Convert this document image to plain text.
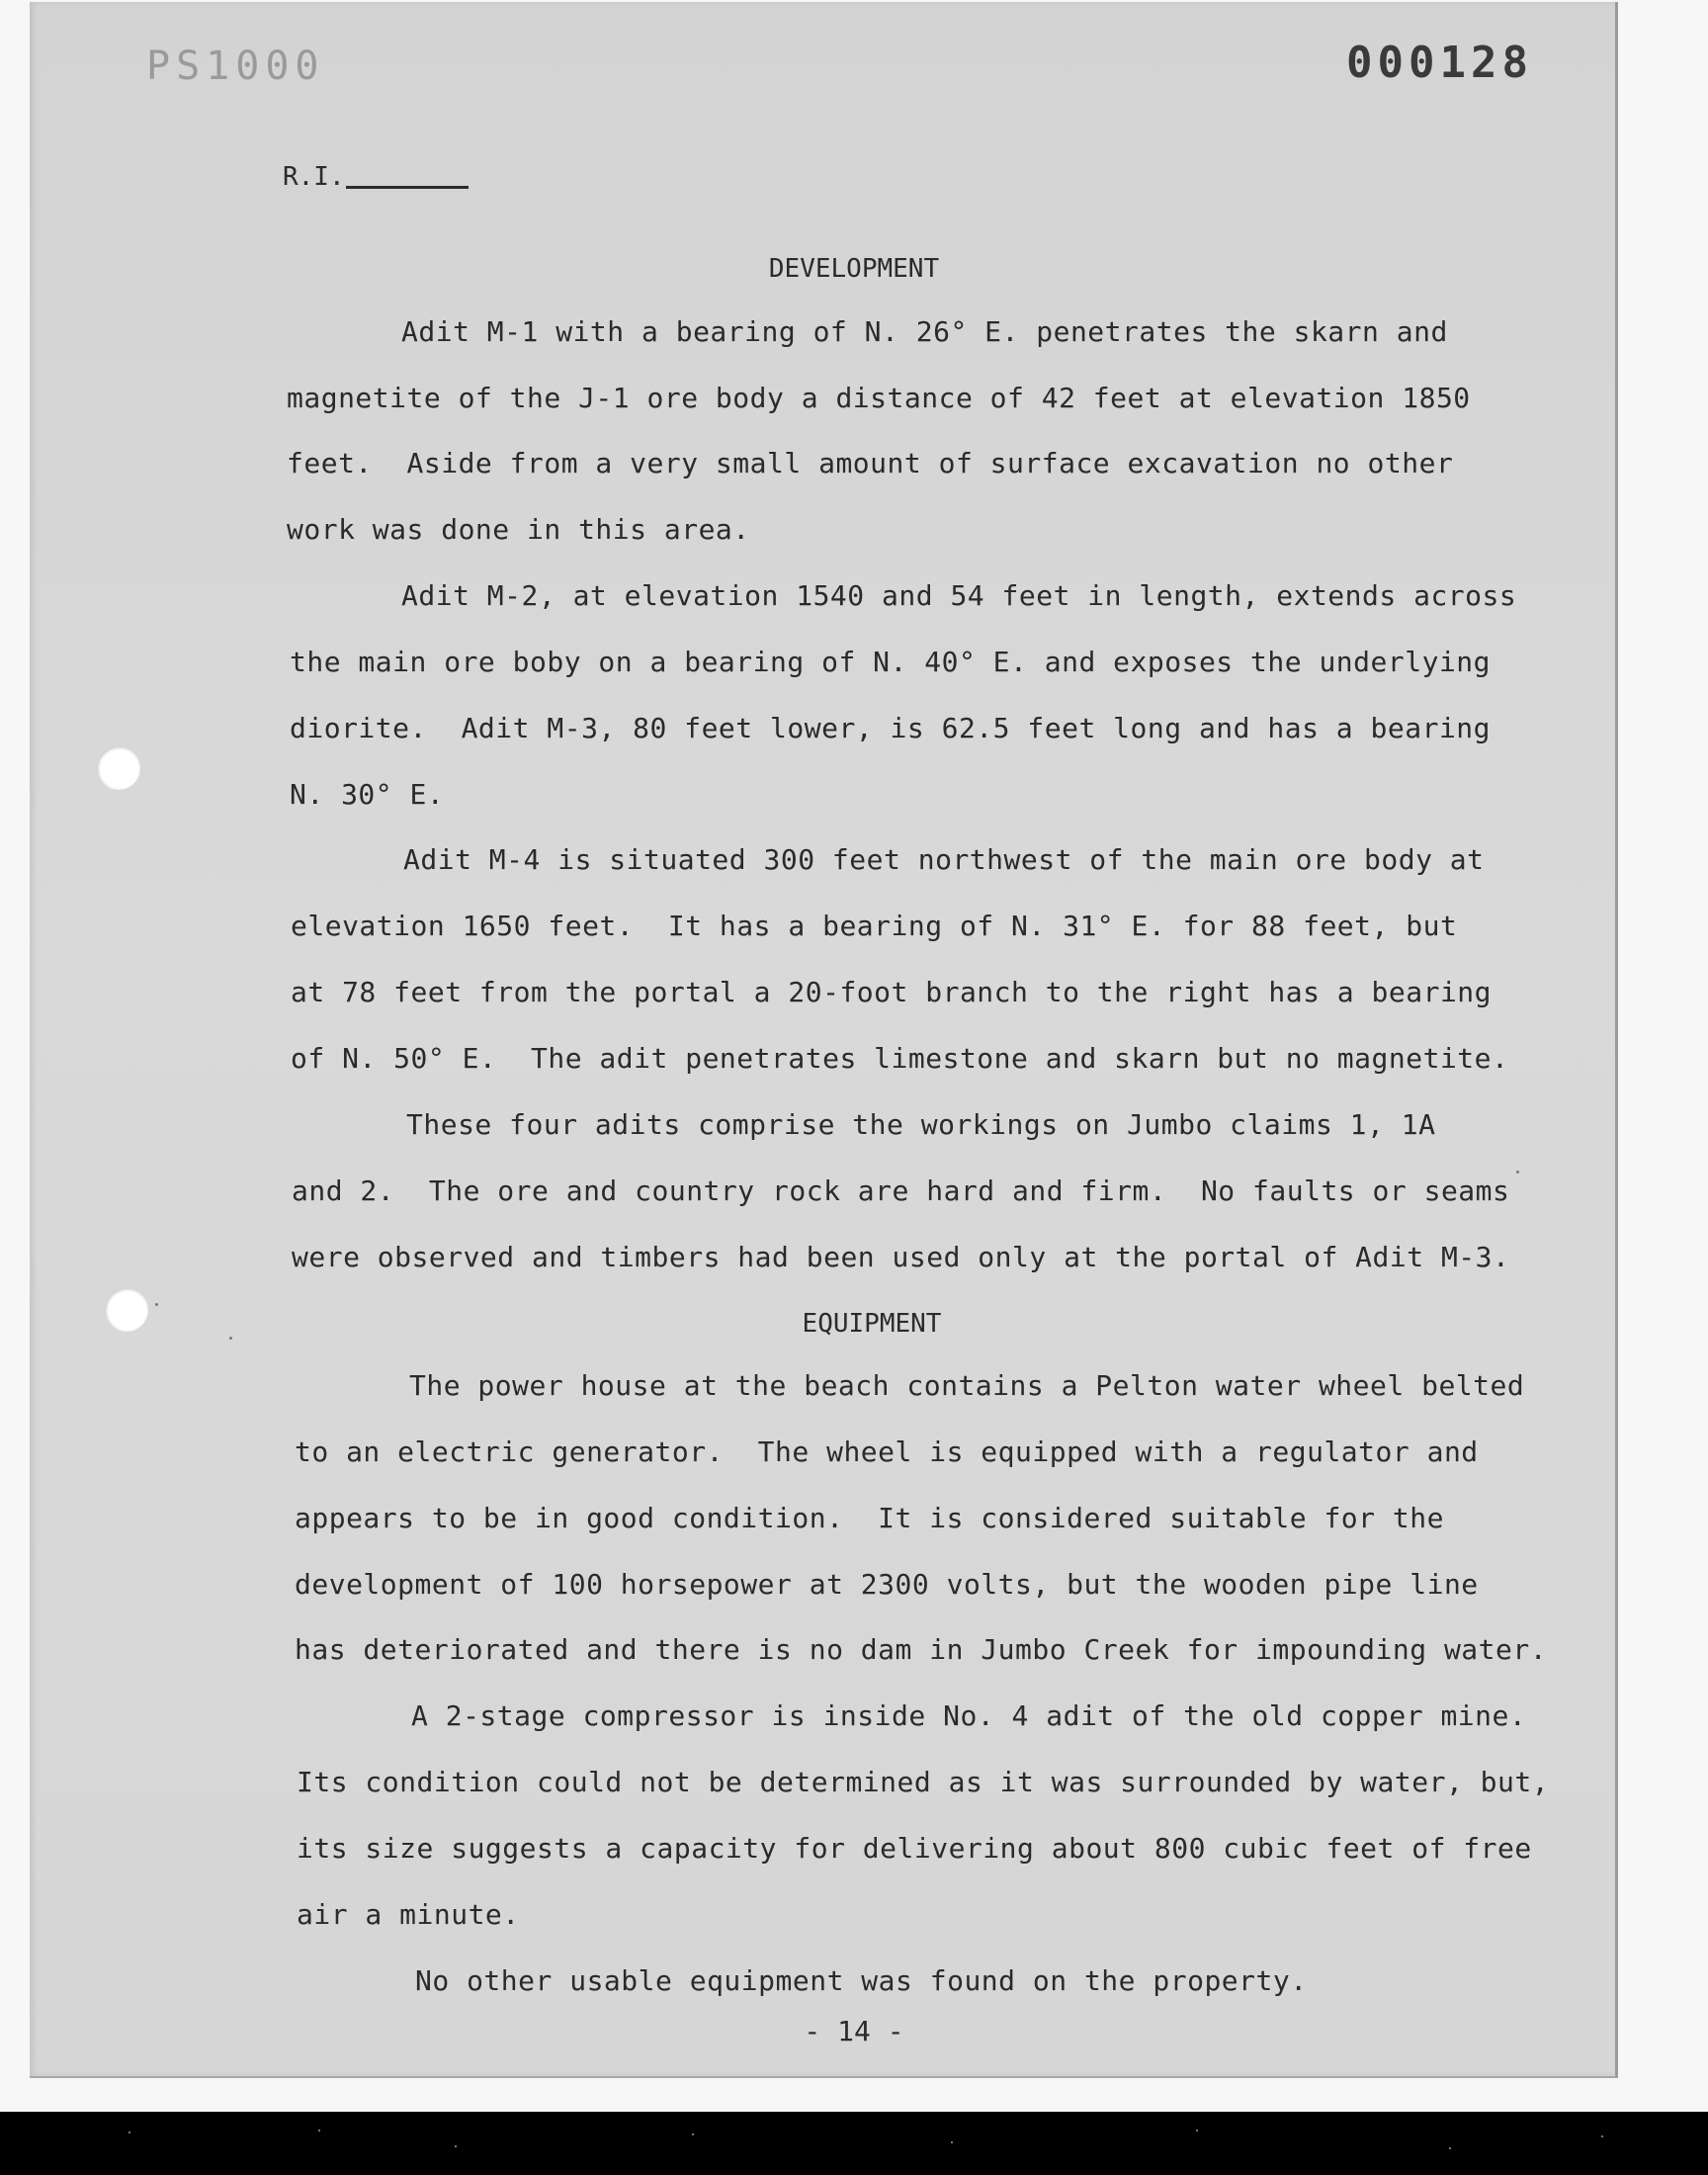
PS1000	000128
R.I.
DEVELOPMENT
Adit M-1 with a bearing of N. 26° E. penetrates the skarn and
magnetite of the J-1 ore body a distance of 42 feet at elevation 1850
feet.  Aside from a very small amount of surface excavation no other
work was done in this area.
Adit M-2, at elevation 1540 and 54 feet in length, extends across
the main ore boby on a bearing of N. 40° E. and exposes the underlying
diorite.  Adit M-3, 80 feet lower, is 62.5 feet long and has a bearing
N. 30° E.
Adit M-4 is situated 300 feet northwest of the main ore body at
elevation 1650 feet.  It has a bearing of N. 31° E. for 88 feet, but
at 78 feet from the portal a 20-foot branch to the right has a bearing
of N. 50° E.  The adit penetrates limestone and skarn but no magnetite.
These four adits comprise the workings on Jumbo claims 1, 1A
and 2.  The ore and country rock are hard and firm.  No faults or seams
were observed and timbers had been used only at the portal of Adit M-3.
EQUIPMENT
The power house at the beach contains a Pelton water wheel belted
to an electric generator.  The wheel is equipped with a regulator and
appears to be in good condition.  It is considered suitable for the
development of 100 horsepower at 2300 volts, but the wooden pipe line
has deteriorated and there is no dam in Jumbo Creek for impounding water.
A 2-stage compressor is inside No. 4 adit of the old copper mine.
Its condition could not be determined as it was surrounded by water, but,
its size suggests a capacity for delivering about 800 cubic feet of free
air a minute.
No other usable equipment was found on the property.
- 14 -
